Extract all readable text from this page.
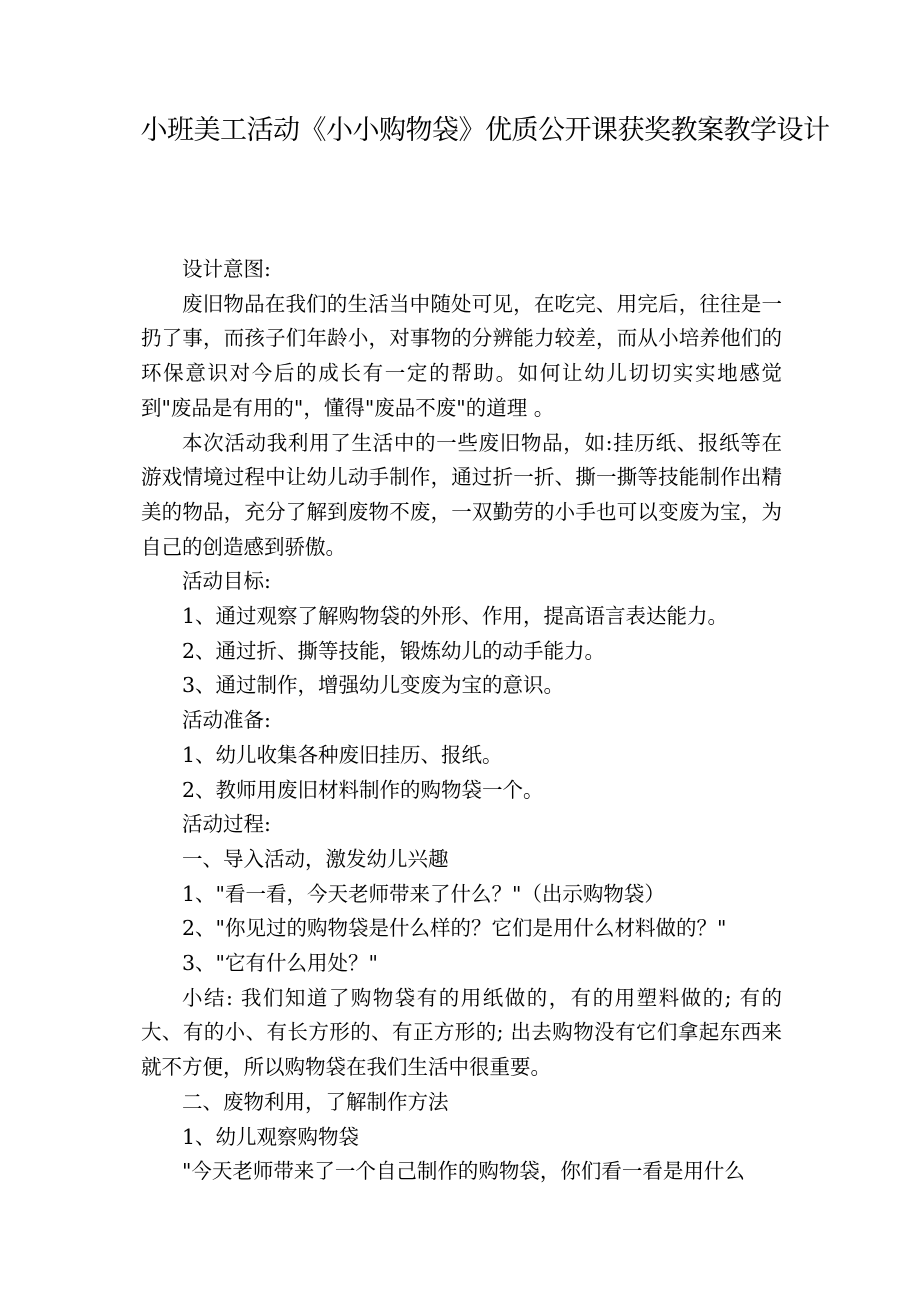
小班美工活动《小小购物袋》优质公开课获奖教案教学设计

设计意图:

废旧物品在我们的生活当中随处可见，在吃完、用完后，往往是一扔了事，而孩子们年龄小，对事物的分辨能力较差，而从小培养他们的环保意识对今后的成长有一定的帮助。如何让幼儿切切实实地感觉到"废品是有用的"，懂得"废品不废"的道理 。

本次活动我利用了生活中的一些废旧物品，如:挂历纸、报纸等在游戏情境过程中让幼儿动手制作，通过折一折、撕一撕等技能制作出精美的物品，充分了解到废物不废，一双勤劳的小手也可以变废为宝，为自己的创造感到骄傲。

活动目标:

1、通过观察了解购物袋的外形、作用，提高语言表达能力。

2、通过折、撕等技能，锻炼幼儿的动手能力。

3、通过制作，增强幼儿变废为宝的意识。

活动准备:

1、幼儿收集各种废旧挂历、报纸。

2、教师用废旧材料制作的购物袋一个。

活动过程:

一、导入活动，激发幼儿兴趣

1、"看一看，今天老师带来了什么？"（出示购物袋）

2、"你见过的购物袋是什么样的？它们是用什么材料做的？"

3、"它有什么用处？"

小结: 我们知道了购物袋有的用纸做的，有的用塑料做的; 有的大、有的小、有长方形的、有正方形的; 出去购物没有它们拿起东西来就不方便，所以购物袋在我们生活中很重要。

二、废物利用，了解制作方法

1、幼儿观察购物袋

"今天老师带来了一个自己制作的购物袋，你们看一看是用什么
